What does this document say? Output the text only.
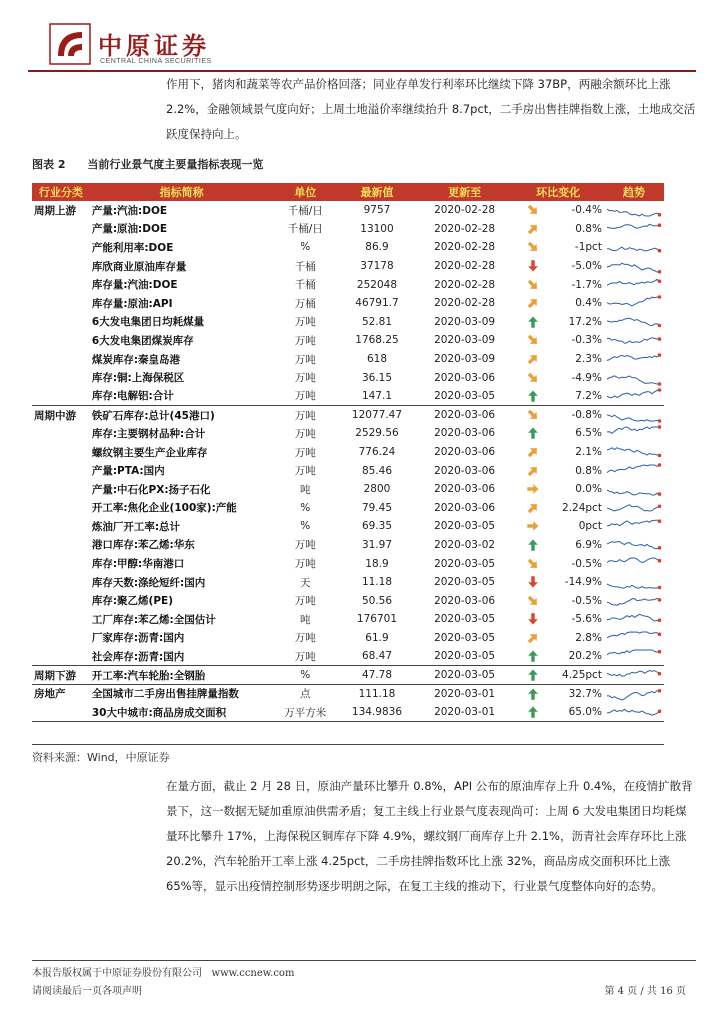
中原证券
CENTRAL CHINA SECURITIES
作用下，猪肉和蔬菜等农产品价格回落；同业存单发行利率环比继续下降 37BP，两融余额环比上涨 2.2%，金融领域景气度向好；上周土地溢价率继续抬升 8.7pct，二手房出售挂牌指数上涨，土地成交活跃度保持向上。
图表 2 当前行业景气度主要量指标表现一览
行业分类	指标简称	单位	最新值	更新至	环比变化		趋势
周期上游	产量:汽油:DOE	千桶/日	9757	2020-02-28		-0.4%	

	产量:原油:DOE	千桶/日	13100	2020-02-28		0.8%	

	产能利用率:DOE	%	86.9	2020-02-28		-1pct	

	库欣商业原油库存量	千桶	37178	2020-02-28		-5.0%	

	库存量:汽油:DOE	千桶	252048	2020-02-28		-1.7%	

	库存量:原油:API	万桶	46791.7	2020-02-28		0.4%	

	6大发电集团日均耗煤量	万吨	52.81	2020-03-09		17.2%	

	6大发电集团煤炭库存	万吨	1768.25	2020-03-09		-0.3%	

	煤炭库存:秦皇岛港	万吨	618	2020-03-09		2.3%	

	库存:铜:上海保税区	万吨	36.15	2020-03-06		-4.9%	

	库存:电解铝:合计	万吨	147.1	2020-03-05		7.2%	

周期中游	铁矿石库存:总计(45港口)	万吨	12077.47	2020-03-06		-0.8%	

	库存:主要钢材品种:合计	万吨	2529.56	2020-03-06		6.5%	

	螺纹钢主要生产企业库存	万吨	776.24	2020-03-06		2.1%	

	产量:PTA:国内	万吨	85.46	2020-03-06		0.8%	

	产量:中石化PX:扬子石化	吨	2800	2020-03-06		0.0%	

	开工率:焦化企业(100家):产能	%	79.45	2020-03-06		2.24pct	

	炼油厂开工率:总计	%	69.35	2020-03-05		0pct	

	港口库存:苯乙烯:华东	万吨	31.97	2020-03-02		6.9%	

	库存:甲醇:华南港口	万吨	18.9	2020-03-05		-0.5%	

	库存天数:涤纶短纤:国内	天	11.18	2020-03-05		-14.9%	

	库存:聚乙烯(PE)	万吨	50.56	2020-03-06		-0.5%	

	工厂库存:苯乙烯:全国估计	吨	176701	2020-03-05		-5.6%	

	厂家库存:沥青:国内	万吨	61.9	2020-03-05		2.8%	

	社会库存:沥青:国内	万吨	68.47	2020-03-05		20.2%	

周期下游	开工率:汽车轮胎:全钢胎	%	47.78	2020-03-05		4.25pct	

房地产	全国城市二手房出售挂牌量指数	点	111.18	2020-03-01		32.7%	

	30大中城市:商品房成交面积	万平方米	134.9836	2020-03-01		65.0%	
资料来源：Wind，中原证券
在量方面，截止 2 月 28 日，原油产量环比攀升 0.8%，API 公布的原油库存上升 0.4%，在疫情扩散背景下，这一数据无疑加重原油供需矛盾；复工主线上行业景气度表现尚可：上周 6 大发电集团日均耗煤量环比攀升 17%，上海保税区铜库存下降 4.9%，螺纹钢厂商库存上升 2.1%，沥青社会库存环比上涨 20.2%，汽车轮胎开工率上涨 4.25pct，二手房挂牌指数环比上涨 32%，商品房成交面积环比上涨 65%等，显示出疫情控制形势逐步明朗之际，在复工主线的推动下，行业景气度整体向好的态势。
本报告版权属于中原证券股份有限公司 www.ccnew.com
请阅读最后一页各项声明	第 4 页 / 共 16 页
